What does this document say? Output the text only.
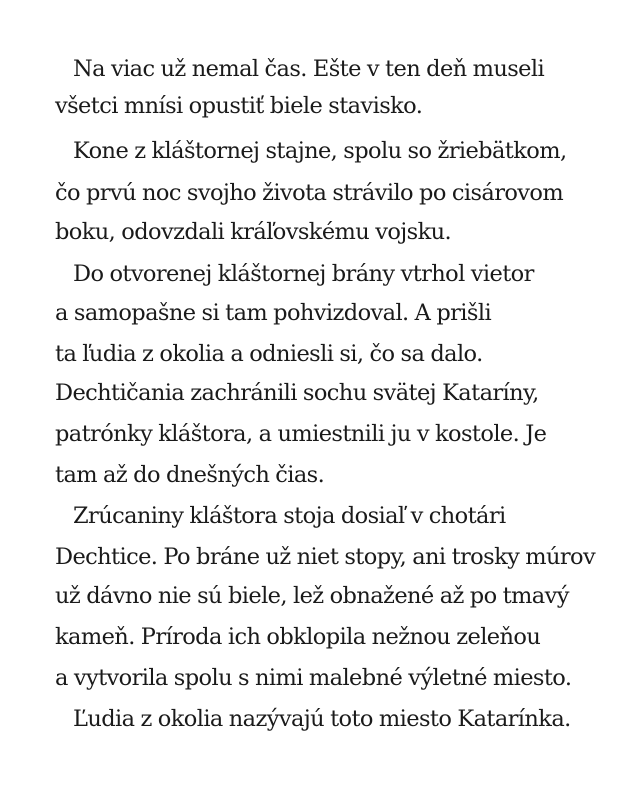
Na viac už nemal čas. Ešte v ten deň museli
všetci mnísi opustiť biele stavisko.
Kone z kláštornej stajne, spolu so žriebätkom,
čo prvú noc svojho života strávilo po cisárovom
boku, odovzdali kráľovskému vojsku.
Do otvorenej kláštornej brány vtrhol vietor
a samopašne si tam pohvizdoval. A prišli
ta ľudia z okolia a odniesli si, čo sa dalo.
Dechtičania zachránili sochu svätej Kataríny,
patrónky kláštora, a umiestnili ju v kostole. Je
tam až do dnešných čias.
Zrúcaniny kláštora stoja dosiaľ v chotári
Dechtice. Po bráne už niet stopy, ani trosky múrov
už dávno nie sú biele, lež obnažené až po tmavý
kameň. Príroda ich obklopila nežnou zeleňou
a vytvorila spolu s nimi malebné výletné miesto.
Ľudia z okolia nazývajú toto miesto Katarínka.
